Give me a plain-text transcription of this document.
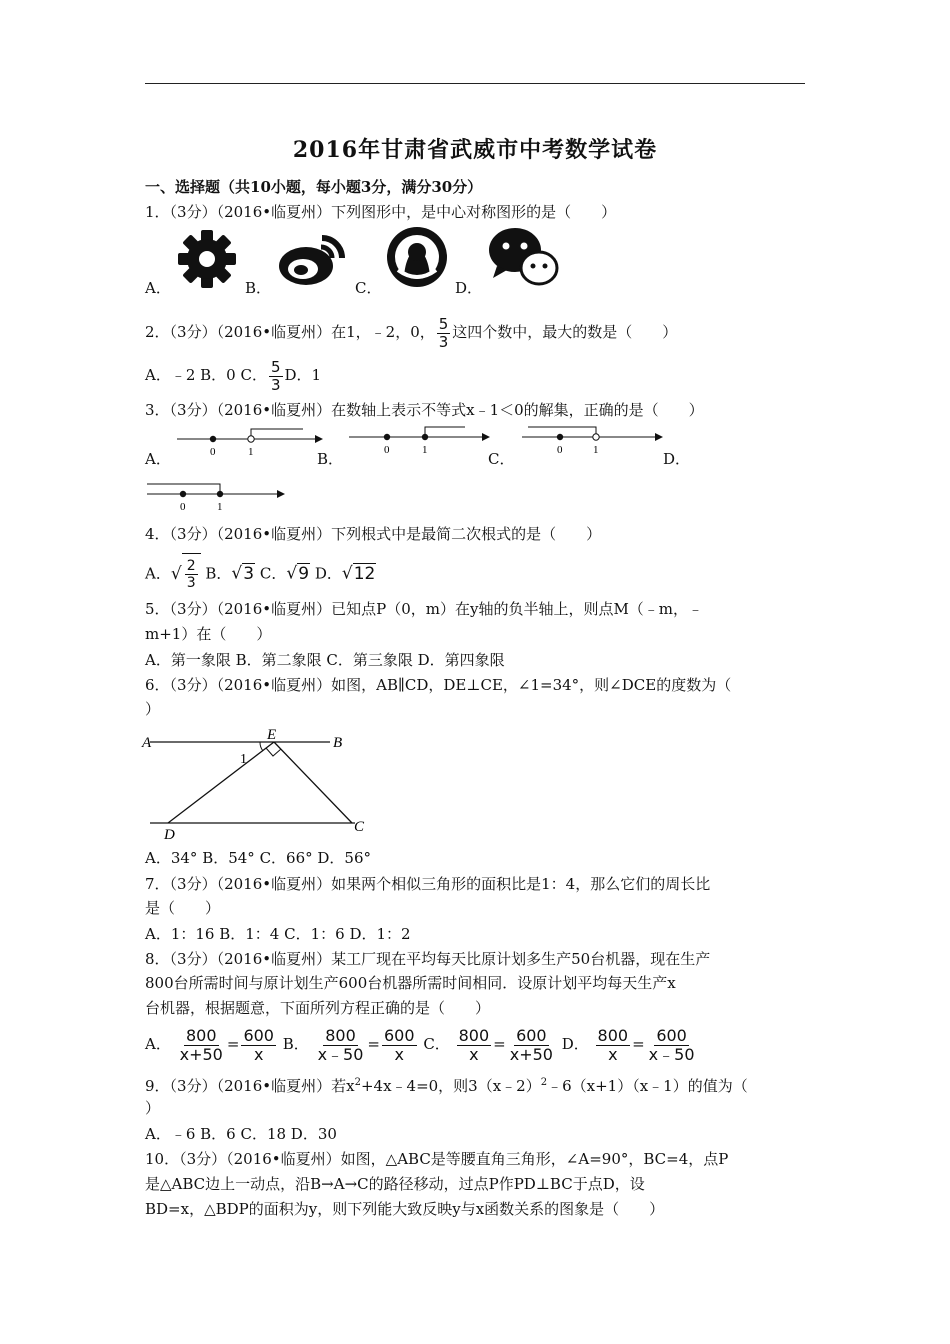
2016年甘肃省武威市中考数学试卷
一、选择题（共10小题，每小题3分，满分30分）
1．（3分）（2016•临夏州）下列图形中，是中心对称图形的是（　　）
A．	B．	C．	D．
2．（3分）（2016•临夏州）在1，﹣2，0， $\frac{5}{3}$ 这四个数中，最大的数是（　　）
A．﹣2 B．0 C． $\frac{5}{3}$ D．1
3．（3分）（2016•临夏州）在数轴上表示不等式x﹣1＜0的解集，正确的是（　　）
A．	B．	C．	D．
0	1	0	1	0	1
0	1
4．（3分）（2016•临夏州）下列根式中是最简二次根式的是（　　）
A．√ $\frac{2}{3}$ B．√3 C．√9 D．√12
5．（3分）（2016•临夏州）已知点P（0，m）在y轴的负半轴上，则点M（﹣m，﹣
m+1）在（　　）
A．第一象限 B．第二象限 C．第三象限 D．第四象限
6．（3分）（2016•临夏州）如图，AB∥CD，DE⊥CE，∠1=34°，则∠DCE的度数为（
）
A	B
E
1
D	C
A．34° B．54° C．66° D．56°
7．（3分）（2016•临夏州）如果两个相似三角形的面积比是1：4，那么它们的周长比
是（　　）
A．1：16 B．1：4 C．1：6 D．1：2
8．（3分）（2016•临夏州）某工厂现在平均每天比原计划多生产50台机器，现在生产
800台所需时间与原计划生产600台机器所需时间相同．设原计划平均每天生产x
台机器，根据题意，下面所列方程正确的是（　　）
A． $\frac{800}{x+50} = \frac{600}{x}$ B． $\frac{800}{x﹣50} = \frac{600}{x}$ C． $\frac{800}{x} = \frac{600}{x+50}$ D． $\frac{800}{x} = \frac{600}{x﹣50}$
9．（3分）（2016•临夏州）若$x^2+4x﹣4=0$，则3（x﹣2）$^2$﹣6（x+1）（x﹣1）的值为（
）
A．﹣6 B．6 C．18 D．30
10．（3分）（2016•临夏州）如图，△ABC是等腰直角三角形，∠A=90°，BC=4，点P
是△ABC边上一动点，沿B→A→C的路径移动，过点P作PD⊥BC于点D，设
BD=x，△BDP的面积为y，则下列能大致反映y与x函数关系的图象是（　　）
